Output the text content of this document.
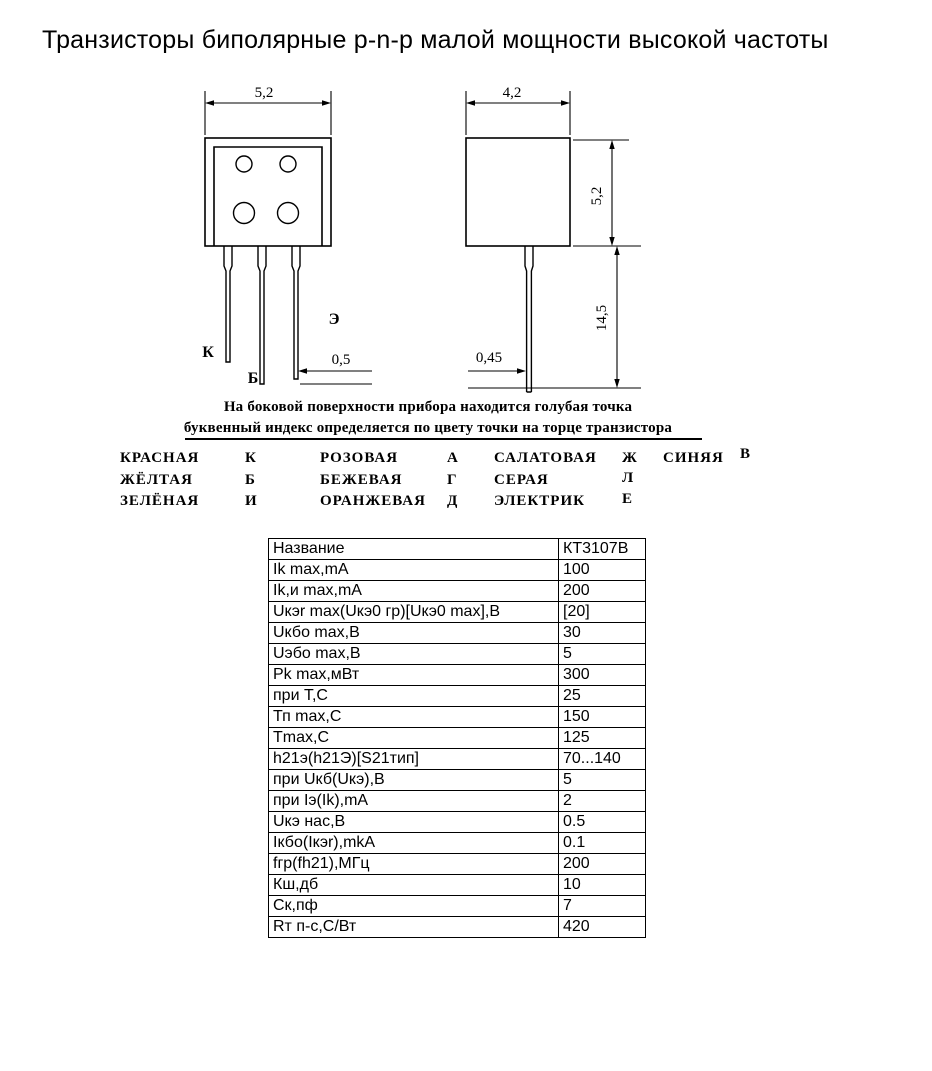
Транзисторы биполярные p-n-p малой мощности высокой частоты
5,2
0,5
К
Б
Э
4,2
5,2
14,5
0,45
На боковой поверхности прибора находится голубая точка
буквенный индекс определяется по цвету точки на торце транзистора
КРАСНАЯ	К	РОЗОВАЯ	А САЛАТОВАЯ Ж СИНЯЯ В
ЖЁЛТАЯ	Б	БЕЖЕВАЯ	Г СЕРАЯ	Л
ЗЕЛЁНАЯ	И	ОРАНЖЕВАЯ Д ЭЛЕКТРИК Е
Название	КТ3107В
Ik max,mA	100
Ik,и max,mA	200
Uкэr max(Uкэ0 гр)[Uкэ0 max],В	[20]
Uкбо max,В	30
Uэбо max,В	5
Pk max,мВт	300
при Т,С	25
Тп max,С	150
Tmax,С	125
h21э(h21Э)[S21тип]	70...140
при Uкб(Uкэ),В	5
при Iэ(Ik),mA	2
Uкэ нас,В	0.5
Iкбо(Iкэr),mkA	0.1
fгр(fh21),МГц	200
Кш,дб	10
Ск,пф	7
Rт п-с,С/Вт	420
